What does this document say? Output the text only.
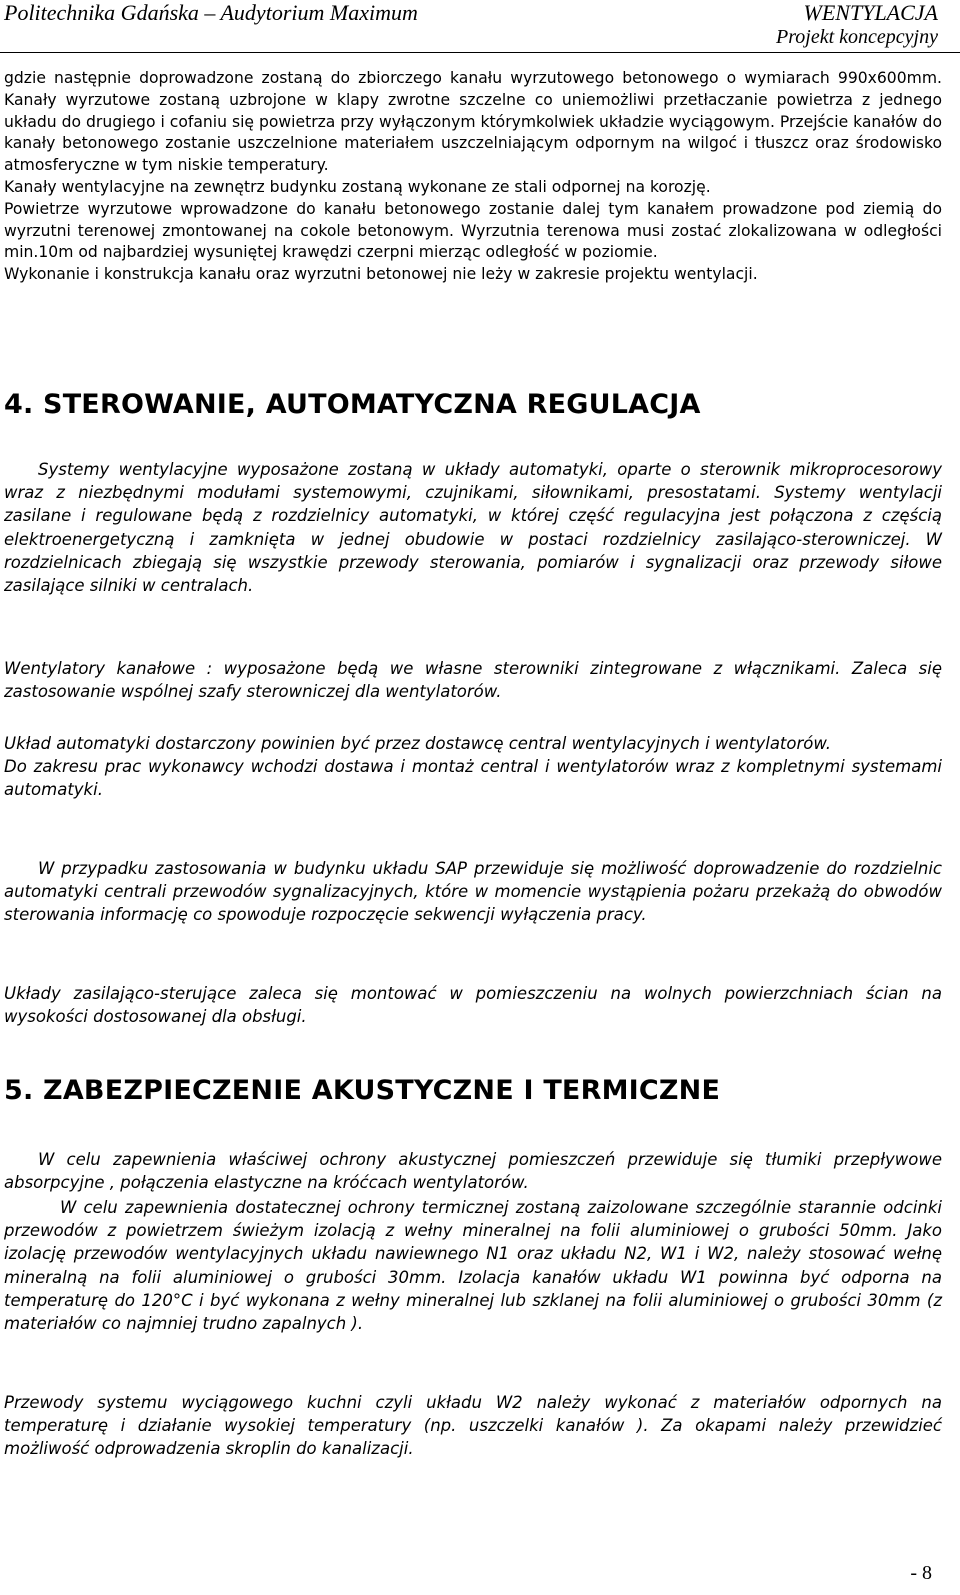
Politechnika Gdańska – Audytorium Maximum	WENTYLACJA
Projekt koncepcyjny

gdzie następnie doprowadzone zostaną do zbiorczego kanału wyrzutowego betonowego o wymiarach 990x600mm. Kanały wyrzutowe zostaną uzbrojone w klapy zwrotne szczelne co uniemożliwi przetłaczanie powietrza z jednego układu do drugiego i cofaniu się powietrza przy wyłączonym którymkolwiek układzie wyciągowym. Przejście kanałów do kanały betonowego zostanie uszczelnione materiałem uszczelniającym odpornym na wilgoć i tłuszcz oraz środowisko atmosferyczne w tym niskie temperatury.

Kanały wentylacyjne na zewnętrz budynku zostaną wykonane ze stali odpornej na korozję.

Powietrze wyrzutowe wprowadzone do kanału betonowego zostanie dalej tym kanałem prowadzone pod ziemią do wyrzutni terenowej zmontowanej na cokole betonowym. Wyrzutnia terenowa musi zostać zlokalizowana w odległości min.10m od najbardziej wysuniętej krawędzi czerpni mierząc odległość w poziomie.

Wykonanie i konstrukcja kanału oraz wyrzutni betonowej nie leży w zakresie projektu wentylacji.

4. STEROWANIE, AUTOMATYCZNA REGULACJA

Systemy wentylacyjne wyposażone zostaną w układy automatyki, oparte o sterownik mikroprocesorowy wraz z niezbędnymi modułami systemowymi, czujnikami, siłownikami, presostatami. Systemy wentylacji zasilane i regulowane będą z rozdzielnicy automatyki, w której część regulacyjna jest połączona z częścią elektroenergetyczną i zamknięta w jednej obudowie w postaci rozdzielnicy zasilająco-sterowniczej. W rozdzielnicach zbiegają się wszystkie przewody sterowania, pomiarów i sygnalizacji oraz przewody siłowe zasilające silniki w centralach.

Wentylatory kanałowe : wyposażone będą we własne sterowniki zintegrowane z włącznikami. Zaleca się zastosowanie wspólnej szafy sterowniczej dla wentylatorów.

Układ automatyki dostarczony powinien być przez dostawcę central wentylacyjnych i wentylatorów.

Do zakresu prac wykonawcy wchodzi dostawa i montaż central i wentylatorów wraz z kompletnymi systemami automatyki.

W przypadku zastosowania w budynku układu SAP przewiduje się możliwość doprowadzenie do rozdzielnic automatyki centrali przewodów sygnalizacyjnych, które w momencie wystąpienia pożaru przekażą do obwodów sterowania informację co spowoduje rozpoczęcie sekwencji wyłączenia pracy.

Układy zasilająco-sterujące zaleca się montować w pomieszczeniu na wolnych powierzchniach ścian na wysokości dostosowanej dla obsługi.

5. ZABEZPIECZENIE AKUSTYCZNE I TERMICZNE

W celu zapewnienia właściwej ochrony akustycznej pomieszczeń przewiduje się tłumiki przepływowe absorpcyjne , połączenia elastyczne na króćcach wentylatorów.

W celu zapewnienia dostatecznej ochrony termicznej zostaną zaizolowane szczególnie starannie odcinki przewodów z powietrzem świeżym izolacją z wełny mineralnej na folii aluminiowej o grubości 50mm. Jako izolację przewodów wentylacyjnych układu nawiewnego N1 oraz układu N2, W1 i W2, należy stosować wełnę mineralną na folii aluminiowej o grubości 30mm. Izolacja kanałów układu W1 powinna być odporna na temperaturę do 120°C i być wykonana z wełny mineralnej lub szklanej na folii aluminiowej o grubości 30mm (z materiałów co najmniej trudno zapalnych ).

Przewody systemu wyciągowego kuchni czyli układu W2 należy wykonać z materiałów odpornych na temperaturę i działanie wysokiej temperatury (np. uszczelki kanałów ). Za okapami należy przewidzieć możliwość odprowadzenia skroplin do kanalizacji.

- 8
